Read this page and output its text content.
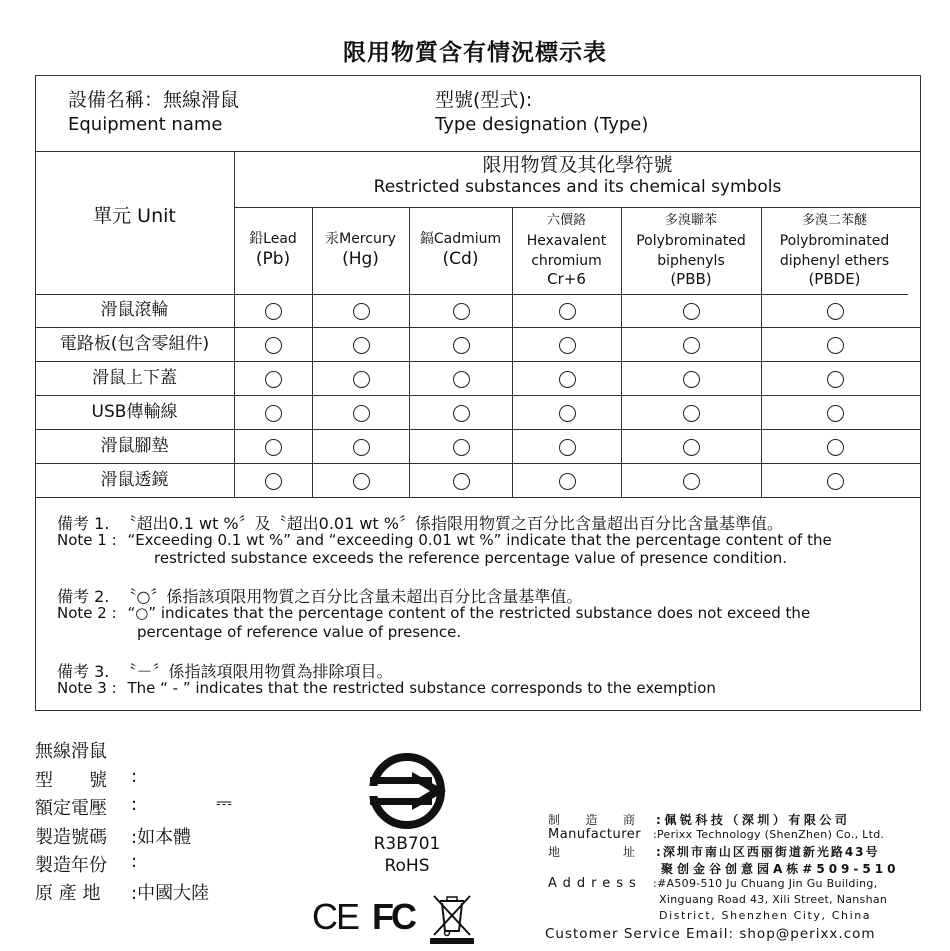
限用物質含有情況標示表
設備名稱：無線滑鼠
Equipment name
型號(型式):
Type designation (Type)
單元 Unit
限用物質及其化學符號
Restricted substances and its chemical symbols
鉛Lead
(Pb)
汞Mercury
(Hg)
鎘Cadmium
(Cd)
六價鉻
Hexavalent chromium
Cr+6
多溴聯苯
Polybrominated biphenyls
(PBB)
多溴二苯醚
Polybrominated diphenyl ethers
(PBDE)
滑鼠滾輪
電路板(包含零組件)
滑鼠上下蓋
USB傳輸線
滑鼠腳墊
滑鼠透鏡
備考 1. 〝超出0.1 wt %〞及〝超出0.01 wt %〞係指限用物質之百分比含量超出百分比含量基準值。
Note 1 : “Exceeding 0.1 wt %” and “exceeding 0.01 wt %” indicate that the percentage content of the
restricted substance exceeds the reference percentage value of presence condition.
備考 2. 〝○〞係指該項限用物質之百分比含量未超出百分比含量基準值。
Note 2 : “○” indicates that the percentage content of the restricted substance does not exceed the
percentage of reference value of presence.
備考 3. 〝－〞係指該項限用物質為排除項目。
Note 3 : The “ - ” indicates that the restricted substance corresponds to the exemption
無線滑鼠
型　　號	:
額定電壓 :	⎓
製造號碼 :如本體
製造年份 :
原 產 地 :中國大陸
R3B701
RoHS
CE FC
制　　造　　商 :佩锐科技（深圳）有限公司
Manufacturer :Perixx Technology (ShenZhen) Co., Ltd.
地　　　　　址 :深圳市南山区西丽街道新光路43号
聚创金谷创意园A栋#509-510
Address :#A509-510 Ju Chuang Jin Gu Building,
Xinguang Road 43, Xili Street, Nanshan
District, Shenzhen City, China
Customer Service Email: shop@perixx.com
